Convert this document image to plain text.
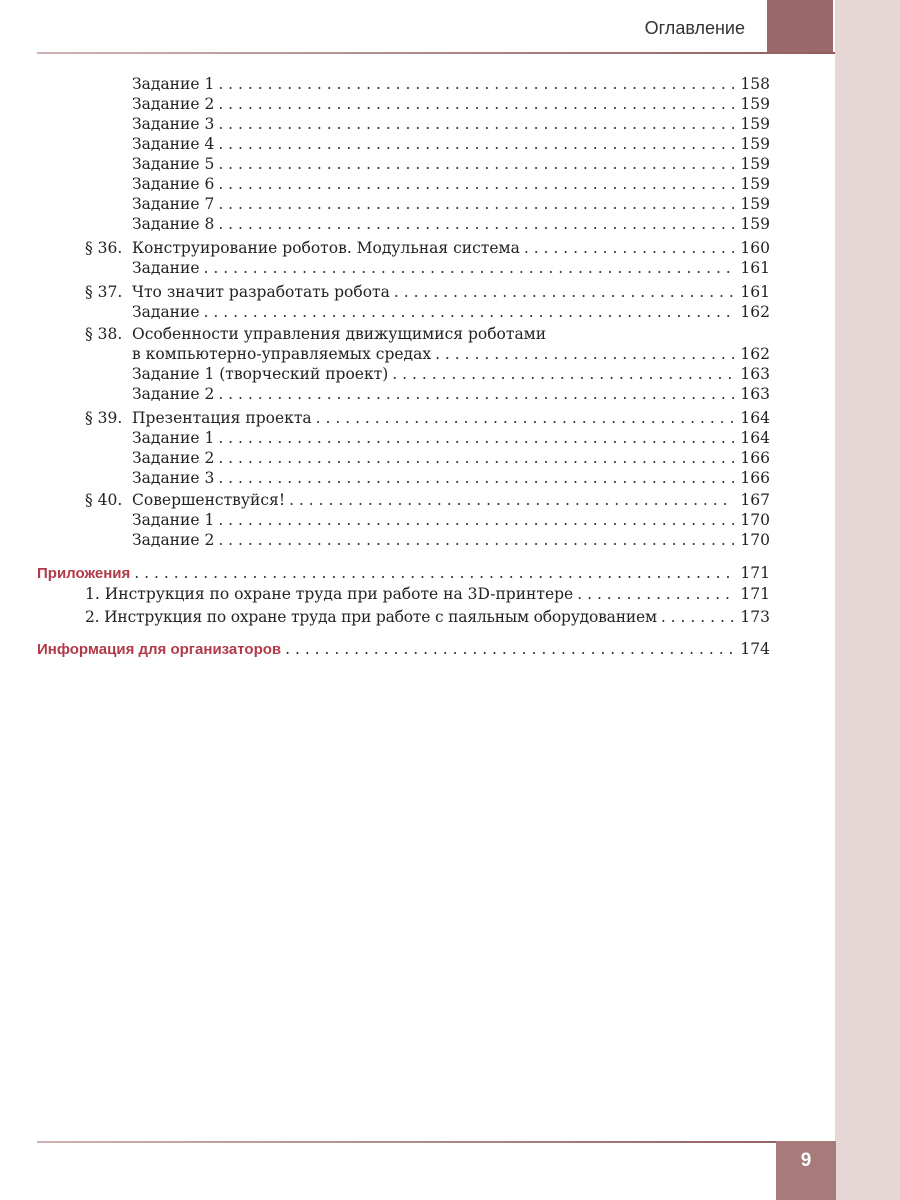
Оглавление
Задание 1 . . .	158
Задание 2 . . .	159
Задание 3 . . .	159
Задание 4 . . .	159
Задание 5 . . .	159
Задание 6 . . .	159
Задание 7 . . .	159
Задание 8 . . .	159
§ 36. Конструирование роботов. Модульная система . . .	160
Задание . . .	161
§ 37. Что значит разработать робота . . .	161
Задание . . .	162
§ 38. Особенности управления движущимися роботами
в компьютерно-управляемых средах . . .	162
Задание 1 (творческий проект) . . .	163
Задание 2 . . .	163
§ 39. Презентация проекта . . .	164
Задание 1 . . .	164
Задание 2 . . .	166
Задание 3 . . .	166
§ 40. Совершенствуйся! . . .	167
Задание 1 . . .	170
Задание 2 . . .	170
Приложения . . .	171
1. Инструкция по охране труда при работе на 3D-принтере . . .	171
2. Инструкция по охране труда при работе с паяльным оборудованием . . .	173
Информация для организаторов . . .	174
9
